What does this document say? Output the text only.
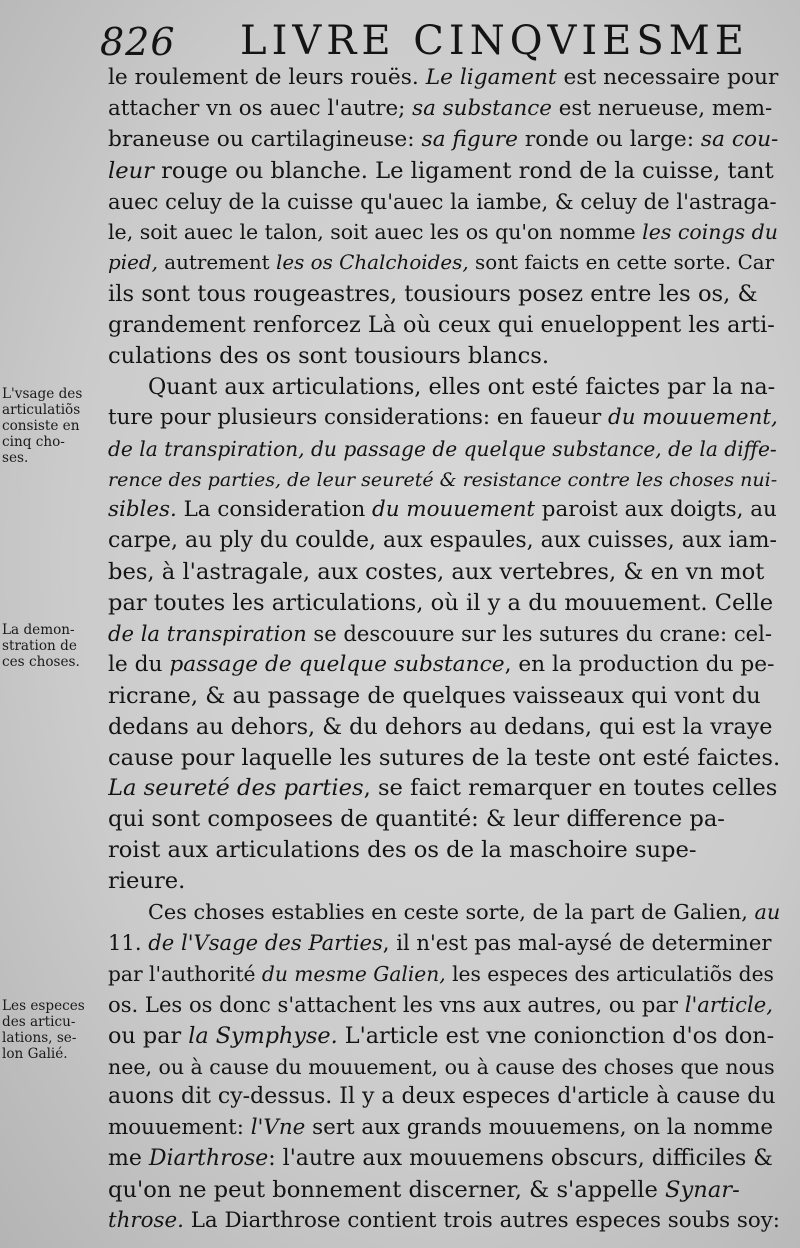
826 LIVRE CINQVIESME
le roulement de leurs rouës. Le ligament est necessaire pour
attacher vn os auec l'autre; sa substance est nerueuse, mem-
braneuse ou cartilagineuse: sa figure ronde ou large: sa cou-
leur rouge ou blanche. Le ligament rond de la cuisse, tant
auec celuy de la cuisse qu'auec la iambe, & celuy de l'astraga-
le, soit auec le talon, soit auec les os qu'on nomme les coings du
pied, autrement les os Chalchoides, sont faicts en cette sorte. Car
ils sont tous rougeastres, tousiours posez entre les os, &
grandement renforcez Là où ceux qui enueloppent les arti-
culations des os sont tousiours blancs.
Quant aux articulations, elles ont esté faictes par la na-
ture pour plusieurs considerations: en faueur du mouuement,
de la transpiration, du passage de quelque substance, de la diffe-
rence des parties, de leur seureté & resistance contre les choses nui-
sibles. La consideration du mouuement paroist aux doigts, au
carpe, au ply du coulde, aux espaules, aux cuisses, aux iam-
bes, à l'astragale, aux costes, aux vertebres, & en vn mot
par toutes les articulations, où il y a du mouuement. Celle
de la transpiration se descouure sur les sutures du crane: cel-
le du passage de quelque substance, en la production du pe-
ricrane, & au passage de quelques vaisseaux qui vont du
dedans au dehors, & du dehors au dedans, qui est la vraye
cause pour laquelle les sutures de la teste ont esté faictes.
La seureté des parties, se faict remarquer en toutes celles
qui sont composees de quantité: & leur difference pa-
roist aux articulations des os de la maschoire supe-
rieure.
Ces choses establies en ceste sorte, de la part de Galien, au
11. de l'Vsage des Parties, il n'est pas mal-aysé de determiner
par l'authorité du mesme Galien, les especes des articulatiõs des
os. Les os donc s'attachent les vns aux autres, ou par l'article,
ou par la Symphyse. L'article est vne conionction d'os don-
nee, ou à cause du mouuement, ou à cause des choses que nous
auons dit cy-dessus. Il y a deux especes d'article à cause du
mouuement: l'Vne sert aux grands mouuemens, on la nomme
me Diarthrose: l'autre aux mouuemens obscurs, difficiles &
qu'on ne peut bonnement discerner, & s'appelle Synar-
throse. La Diarthrose contient trois autres especes soubs soy:
L'vsage des
articulatiõs
consiste en
cinq cho-
ses.
La demon-
stration de
ces choses.
Les especes
des articu-
lations, se-
lon Galié.
